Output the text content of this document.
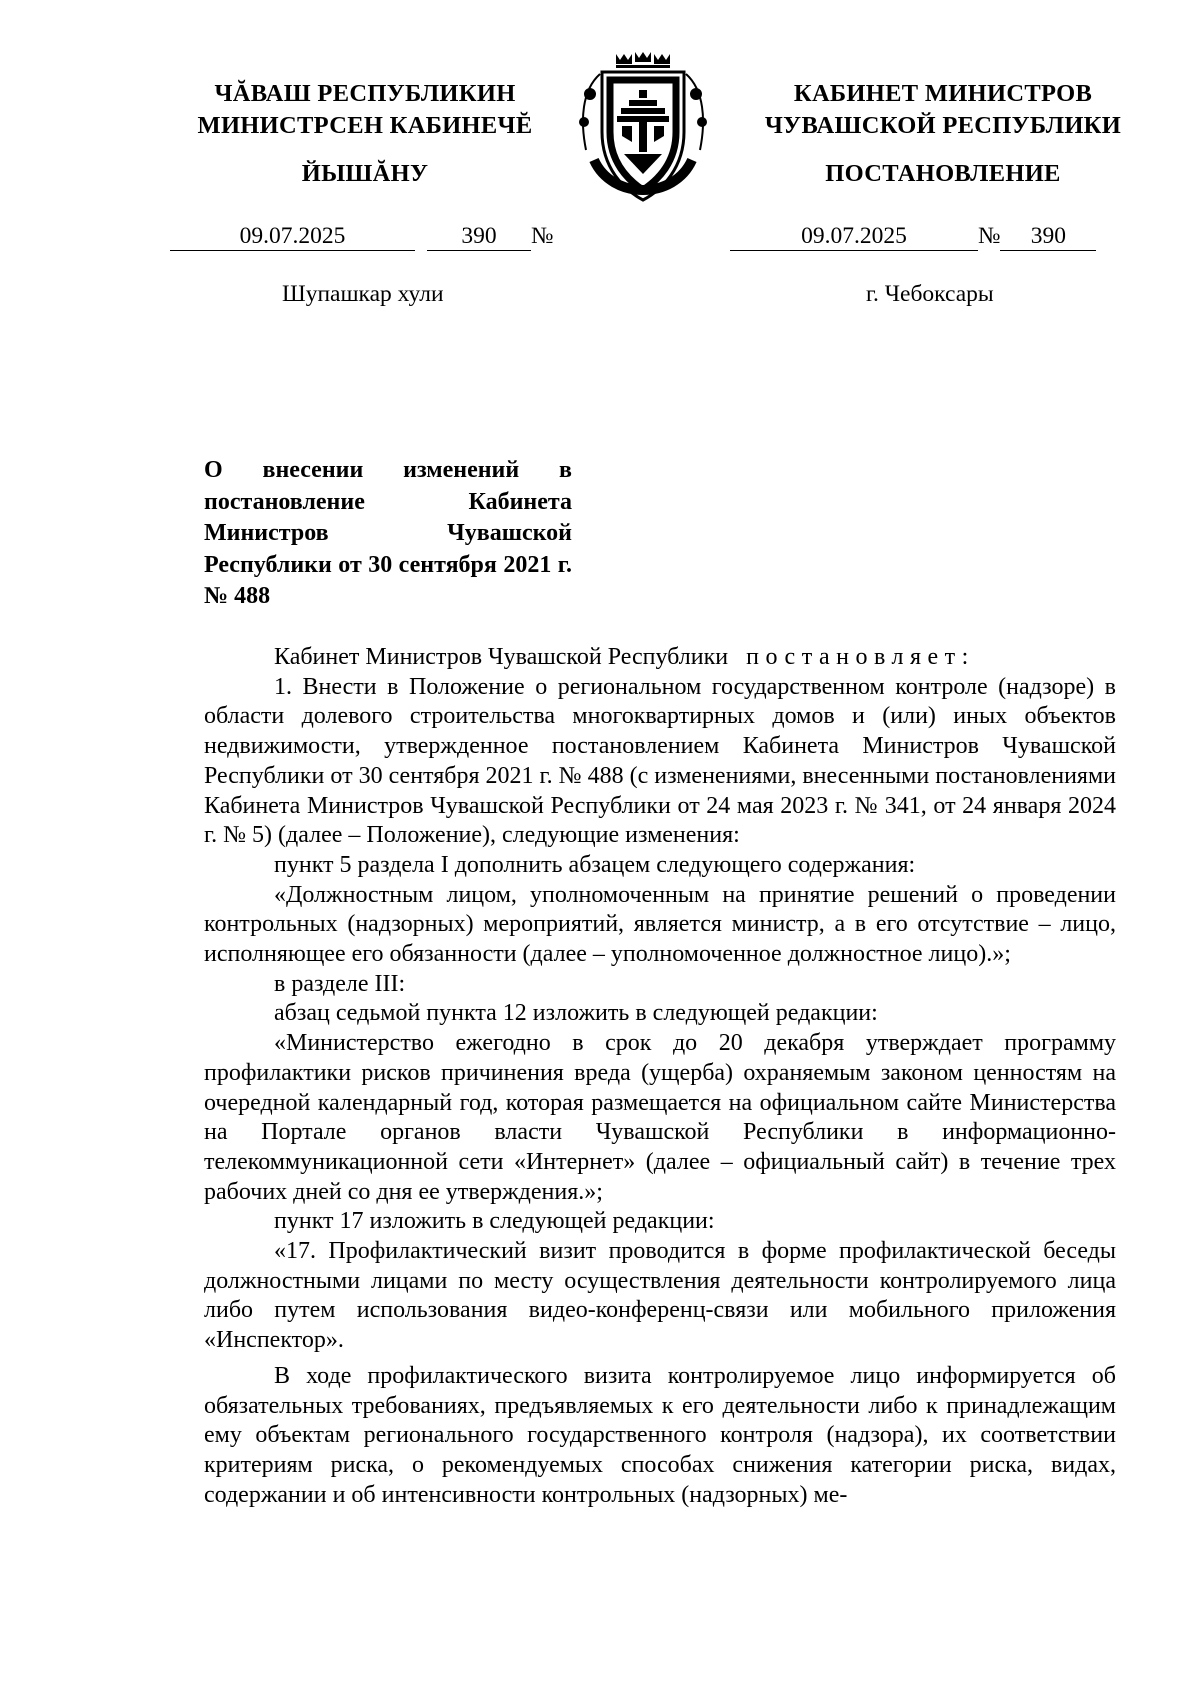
ЧĂВАШ РЕСПУБЛИКИН
МИНИСТРСЕН КАБИНЕЧĔ
ЙЫШĂНУ
КАБИНЕТ МИНИСТРОВ
ЧУВАШСКОЙ РЕСПУБЛИКИ
ПОСТАНОВЛЕНИЕ
09.07.2025	390 №	09.07.2025	№ 390
Шупашкар хули	г. Чебоксары
О внесении изменений в постановление Кабинета Министров Чувашской Республики от 30 сентября 2021 г. № 488

Кабинет Министров Чувашской Республики постановляет:

1. Внести в Положение о региональном государственном контроле (надзоре) в области долевого строительства многоквартирных домов и (или) иных объектов недвижимости, утвержденное постановлением Кабинета Министров Чувашской Республики от 30 сентября 2021 г. № 488 (с изменениями, внесенными постановлениями Кабинета Министров Чувашской Республики от 24 мая 2023 г. № 341, от 24 января 2024 г. № 5) (далее – Положение), следующие изменения:

пункт 5 раздела I дополнить абзацем следующего содержания:

«Должностным лицом, уполномоченным на принятие решений о проведении контрольных (надзорных) мероприятий, является министр, а в его отсутствие – лицо, исполняющее его обязанности (далее – уполномоченное должностное лицо).»;

в разделе III:

абзац седьмой пункта 12 изложить в следующей редакции:

«Министерство ежегодно в срок до 20 декабря утверждает программу профилактики рисков причинения вреда (ущерба) охраняемым законом ценностям на очередной календарный год, которая размещается на официальном сайте Министерства на Портале органов власти Чувашской Республики в информационно-телекоммуникационной сети «Интернет» (далее – официальный сайт) в течение трех рабочих дней со дня ее утверждения.»;

пункт 17 изложить в следующей редакции:

«17. Профилактический визит проводится в форме профилактической беседы должностными лицами по месту осуществления деятельности контролируемого лица либо путем использования видео-конференц-связи или мобильного приложения «Инспектор».

В ходе профилактического визита контролируемое лицо информируется об обязательных требованиях, предъявляемых к его деятельности либо к принадлежащим ему объектам регионального государственного контроля (надзора), их соответствии критериям риска, о рекомендуемых способах снижения категории риска, видах, содержании и об интенсивности контрольных (надзорных) ме-
